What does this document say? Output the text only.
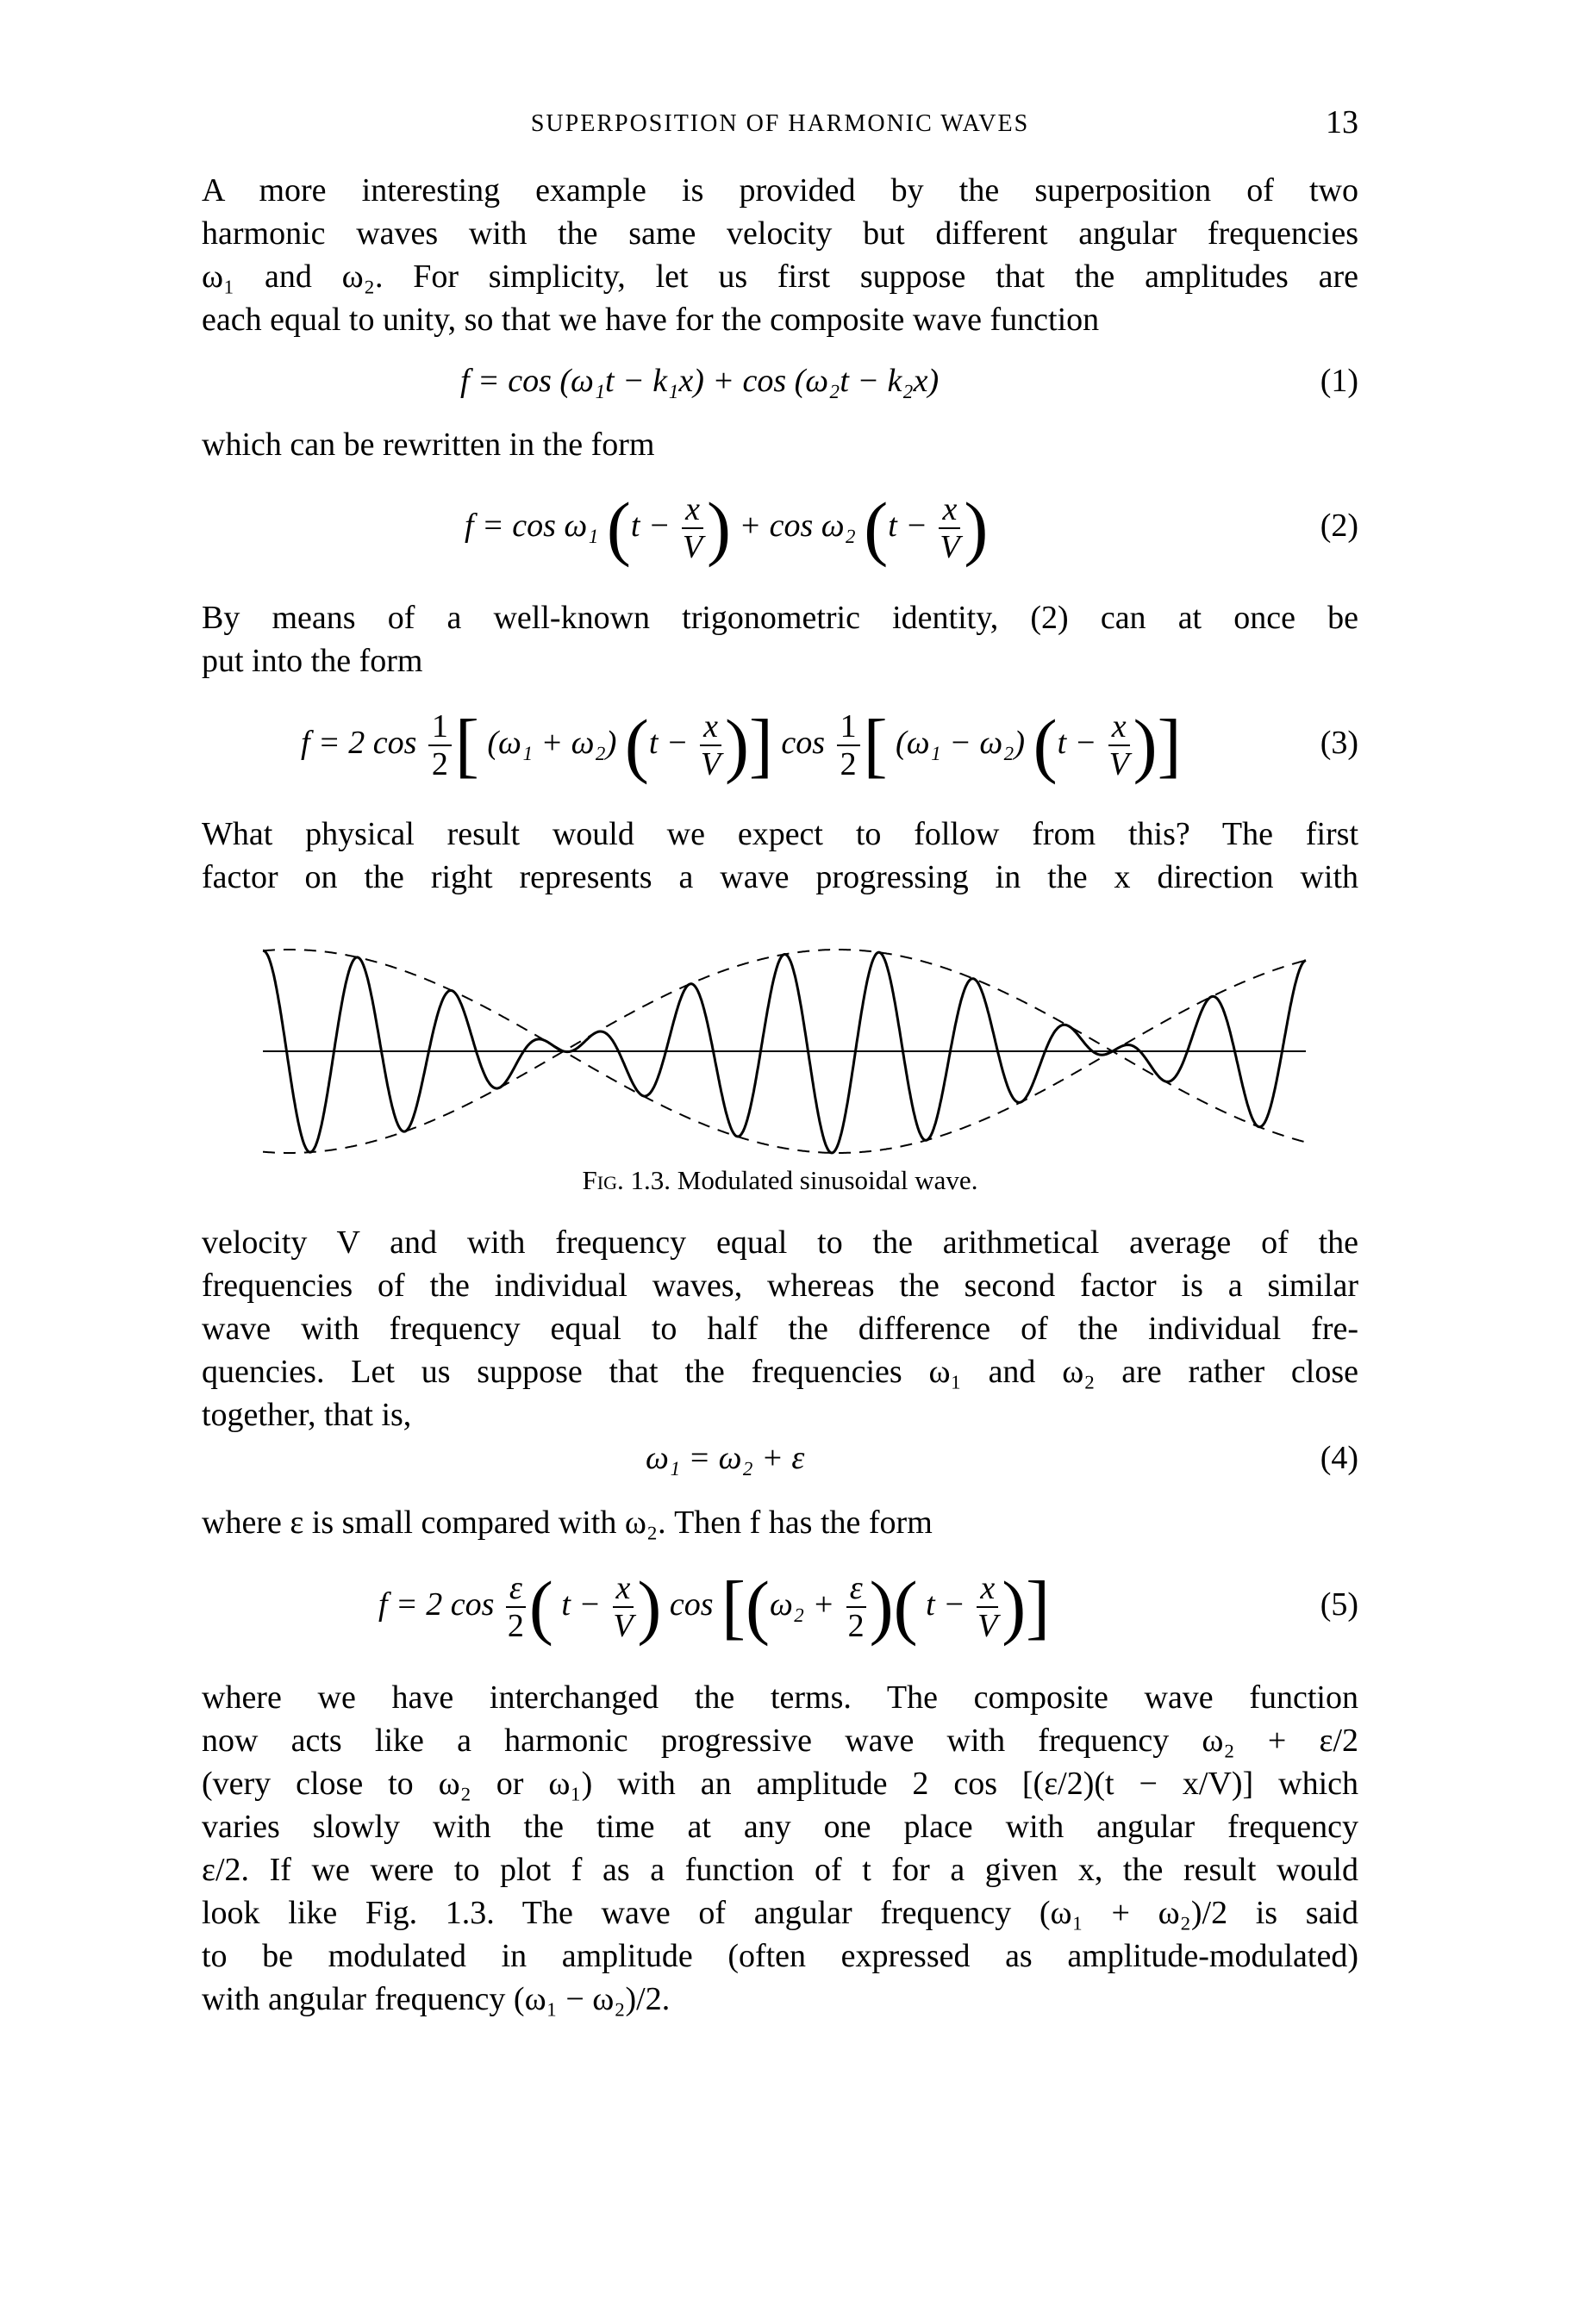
SUPERPOSITION OF HARMONIC WAVES	13
A more interesting example is provided by the superposition of two
harmonic waves with the same velocity but different angular frequencies
ω₁ and ω₂. For simplicity, let us first suppose that the amplitudes are
each equal to unity, so that we have for the composite wave function
f = cos (ω₁t − k₁x) + cos (ω₂t − k₂x)	(1)
which can be rewritten in the form
f = cos ω₁ ($t - \frac{x}{V}$ ) + cos ω₂ ($t - \frac{x}{V}$ )	(2)
By means of a well-known trigonometric identity, (2) can at once be
put into the form
f = 2 $\cos \frac{1}{2}$ [ (ω₁ + ω₂) ($t - \frac{x}{V}$ )] $\cos \frac{1}{2}$ [ (ω₁ − ω₂) ($t - \frac{x}{V}$ )]	(3)
What physical result would we expect to follow from this? The first
factor on the right represents a wave progressing in the x direction with
Fig. 1.3. Modulated sinusoidal wave.
velocity V and with frequency equal to the arithmetical average of the
frequencies of the individual waves, whereas the second factor is a similar
wave with frequency equal to half the difference of the individual fre-
quencies. Let us suppose that the frequencies ω₁ and ω₂ are rather close
together, that is,
ω₁ = ω₂ + ε	(4)
where ε is small compared with ω₂. Then f has the form
f = 2 $\cos \frac{\varepsilon}{2}$ ( $t - \frac{x}{V}$ ) $\cos [(\omega_2 + \frac{\varepsilon}{2}$ )( $t - \frac{x}{V}$ )]	(5)
where we have interchanged the terms. The composite wave function
now acts like a harmonic progressive wave with frequency ω₂ + ε/2
(very close to ω₂ or ω₁) with an amplitude 2 cos [(ε/2)(t − x/V)] which
varies slowly with the time at any one place with angular frequency
ε/2. If we were to plot f as a function of t for a given x, the result would
look like Fig. 1.3. The wave of angular frequency (ω₁ + ω₂)/2 is said
to be modulated in amplitude (often expressed as amplitude-modulated)
with angular frequency (ω₁ − ω₂)/2.
